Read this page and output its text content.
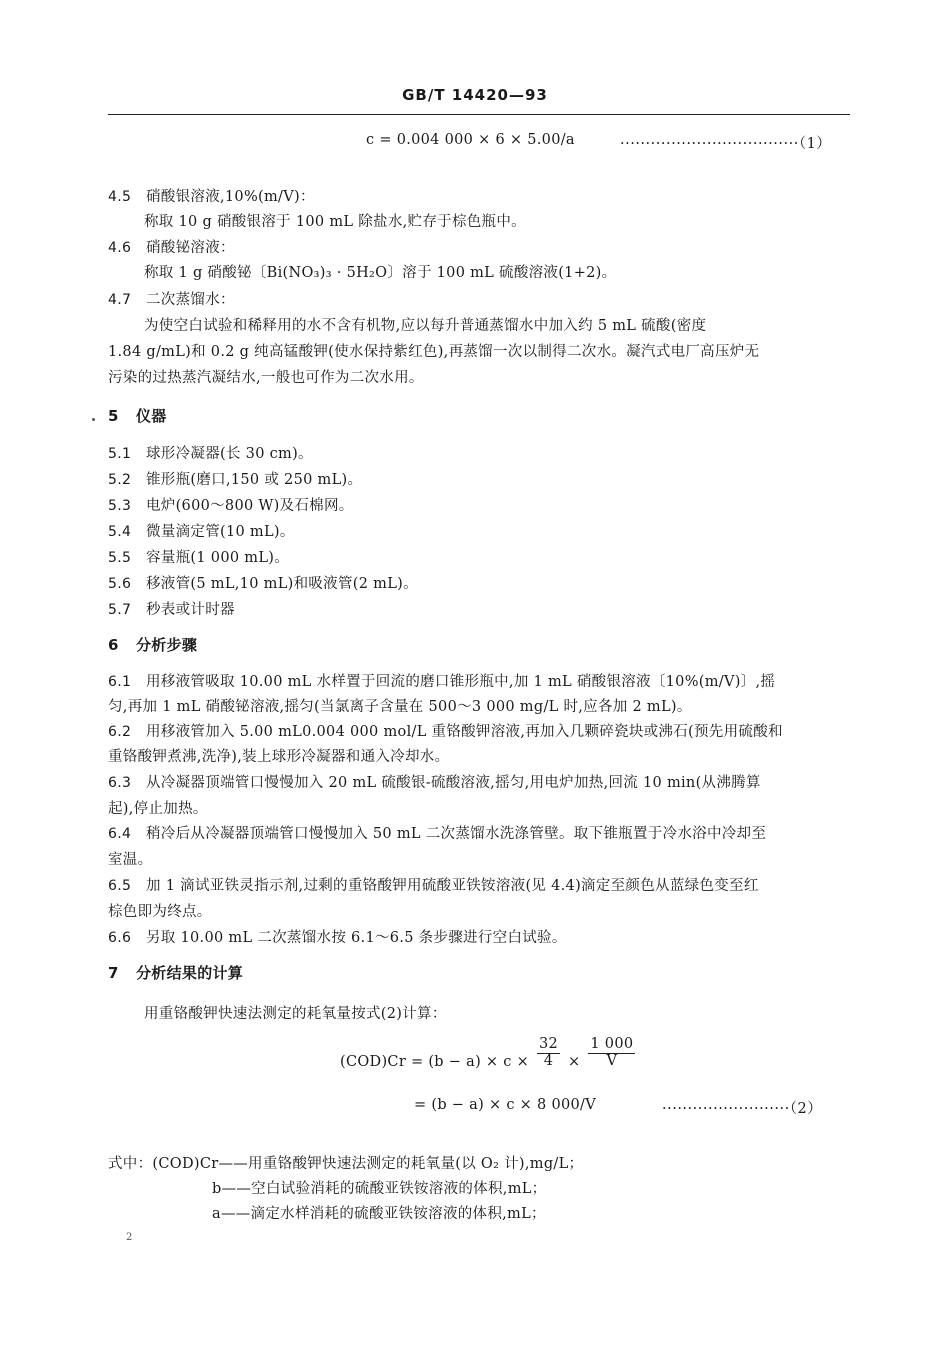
GB/T 14420—93
c = 0.004 000 × 6 × 5.00/a	···································（1）
4.5 硝酸银溶液,10%(m/V)：
称取 10 g 硝酸银溶于 100 mL 除盐水,贮存于棕色瓶中。
4.6 硝酸铋溶液：
称取 1 g 硝酸铋〔Bi(NO₃)₃ · 5H₂O〕溶于 100 mL 硫酸溶液(1+2)。
4.7 二次蒸馏水：
为使空白试验和稀释用的水不含有机物,应以每升普通蒸馏水中加入约 5 mL 硫酸(密度
1.84 g/mL)和 0.2 g 纯高锰酸钾(使水保持紫红色),再蒸馏一次以制得二次水。凝汽式电厂高压炉无
污染的过热蒸汽凝结水,一般也可作为二次水用。
5 仪器
5.1 球形冷凝器(长 30 cm)。
5.2 锥形瓶(磨口,150 或 250 mL)。
5.3 电炉(600～800 W)及石棉网。
5.4 微量滴定管(10 mL)。
5.5 容量瓶(1 000 mL)。
5.6 移液管(5 mL,10 mL)和吸液管(2 mL)。
5.7 秒表或计时器
6 分析步骤
6.1 用移液管吸取 10.00 mL 水样置于回流的磨口锥形瓶中,加 1 mL 硝酸银溶液〔10%(m/V)〕,摇
匀,再加 1 mL 硝酸铋溶液,摇匀(当氯离子含量在 500～3 000 mg/L 时,应各加 2 mL)。
6.2 用移液管加入 5.00 mL0.004 000 mol/L 重铬酸钾溶液,再加入几颗碎瓷块或沸石(预先用硫酸和
重铬酸钾煮沸,洗净),装上球形冷凝器和通入冷却水。
6.3 从冷凝器顶端管口慢慢加入 20 mL 硫酸银-硫酸溶液,摇匀,用电炉加热,回流 10 min(从沸腾算
起),停止加热。
6.4 稍冷后从冷凝器顶端管口慢慢加入 50 mL 二次蒸馏水洗涤管壁。取下锥瓶置于冷水浴中冷却至
室温。
6.5 加 1 滴试亚铁灵指示剂,过剩的重铬酸钾用硫酸亚铁铵溶液(见 4.4)滴定至颜色从蓝绿色变至红
棕色即为终点。
6.6 另取 10.00 mL 二次蒸馏水按 6.1～6.5 条步骤进行空白试验。
7 分析结果的计算
用重铬酸钾快速法测定的耗氧量按式(2)计算：
$(COD)Cr = (b - a) \times c \times \frac{32}{4} \times \frac{1 000}{V}$
= (b − a) × c × 8 000/V	·························（2）
式中：(COD)Cr——用重铬酸钾快速法测定的耗氧量(以 O₂ 计),mg/L；
b——空白试验消耗的硫酸亚铁铵溶液的体积,mL；
a——滴定水样消耗的硫酸亚铁铵溶液的体积,mL；
2
